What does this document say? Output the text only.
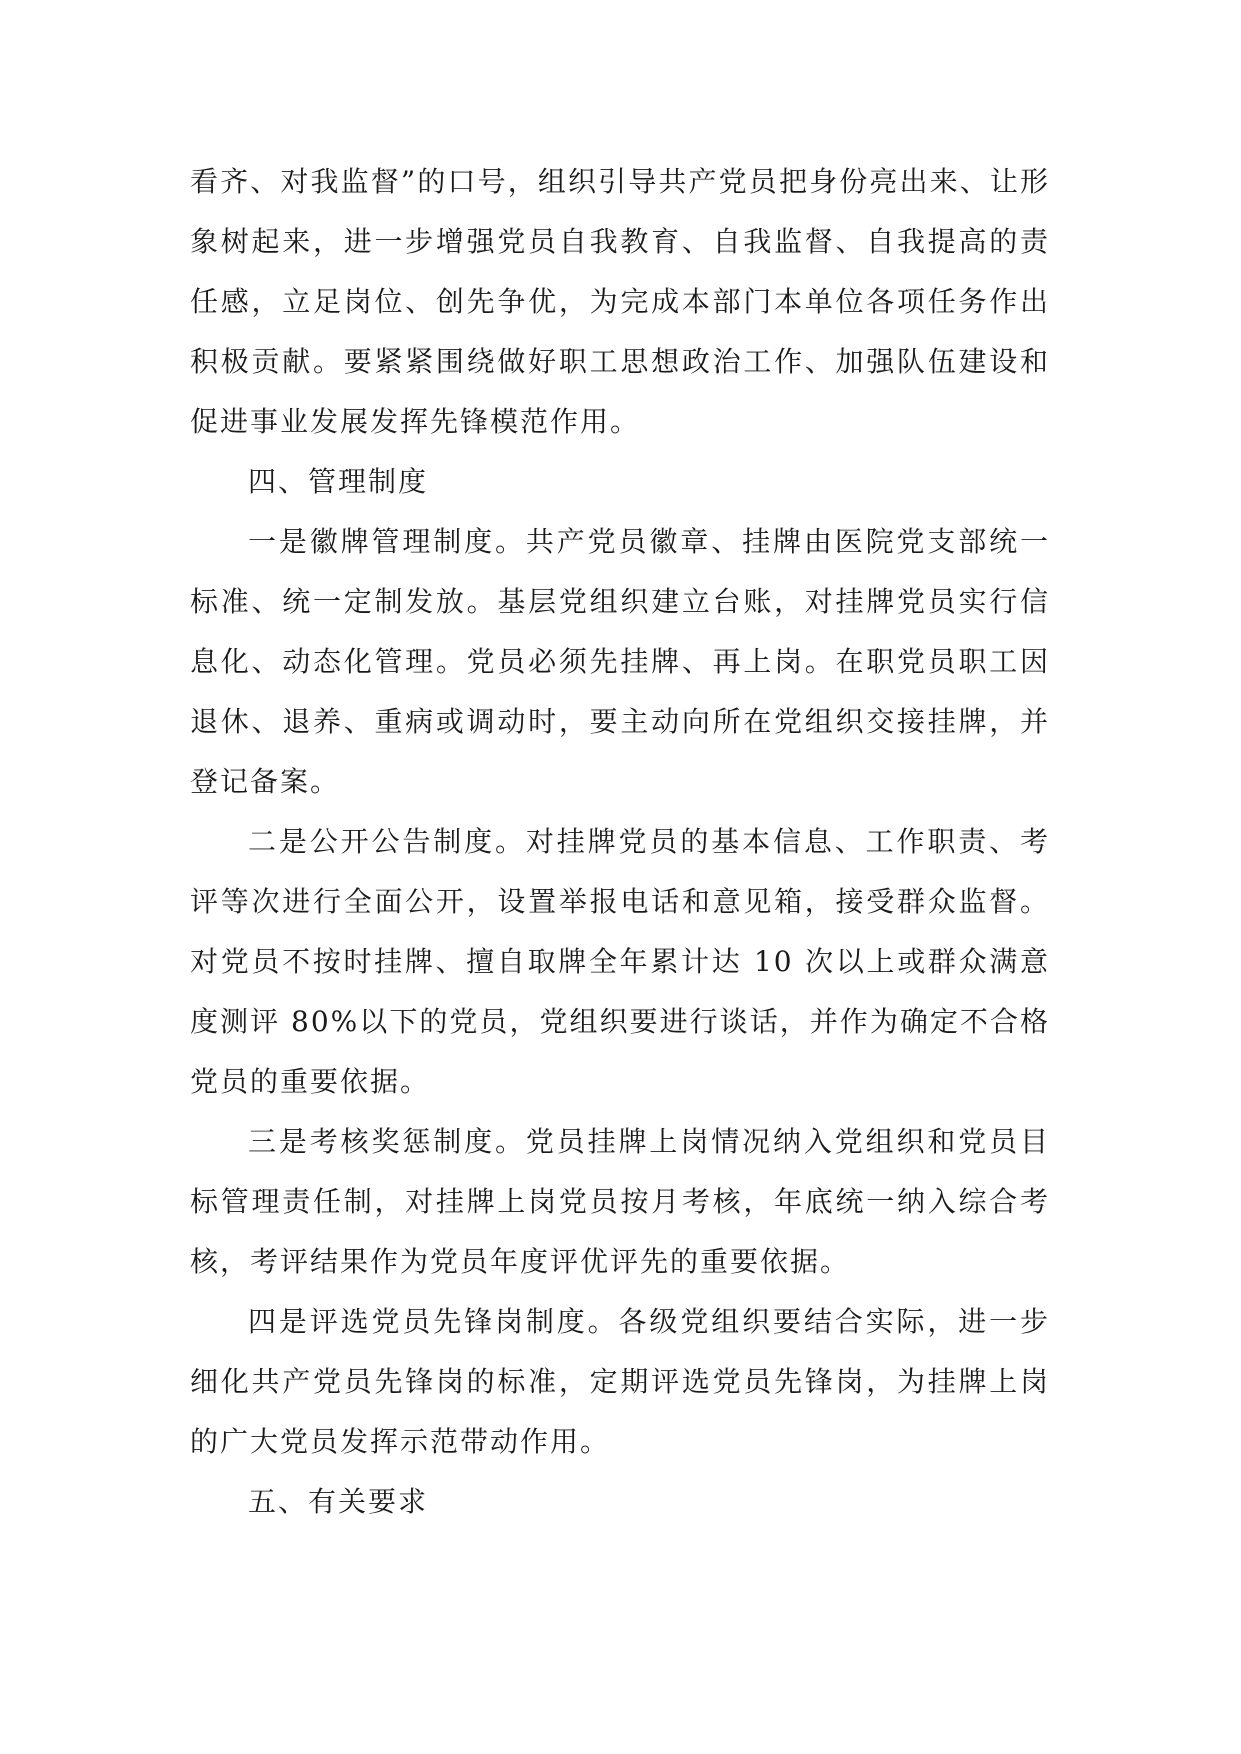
看齐、对我监督”的口号，组织引导共产党员把身份亮出来、让形象树起来，进一步增强党员自我教育、自我监督、自我提高的责任感，立足岗位、创先争优，为完成本部门本单位各项任务作出积极贡献。要紧紧围绕做好职工思想政治工作、加强队伍建设和促进事业发展发挥先锋模范作用。

四、管理制度

一是徽牌管理制度。共产党员徽章、挂牌由医院党支部统一标准、统一定制发放。基层党组织建立台账，对挂牌党员实行信息化、动态化管理。党员必须先挂牌、再上岗。在职党员职工因退休、退养、重病或调动时，要主动向所在党组织交接挂牌，并登记备案。

二是公开公告制度。对挂牌党员的基本信息、工作职责、考评等次进行全面公开，设置举报电话和意见箱，接受群众监督。对党员不按时挂牌、擅自取牌全年累计达 10 次以上或群众满意度测评 80%以下的党员，党组织要进行谈话，并作为确定不合格党员的重要依据。

三是考核奖惩制度。党员挂牌上岗情况纳入党组织和党员目标管理责任制，对挂牌上岗党员按月考核，年底统一纳入综合考核，考评结果作为党员年度评优评先的重要依据。

四是评选党员先锋岗制度。各级党组织要结合实际，进一步细化共产党员先锋岗的标准，定期评选党员先锋岗，为挂牌上岗的广大党员发挥示范带动作用。

五、有关要求
